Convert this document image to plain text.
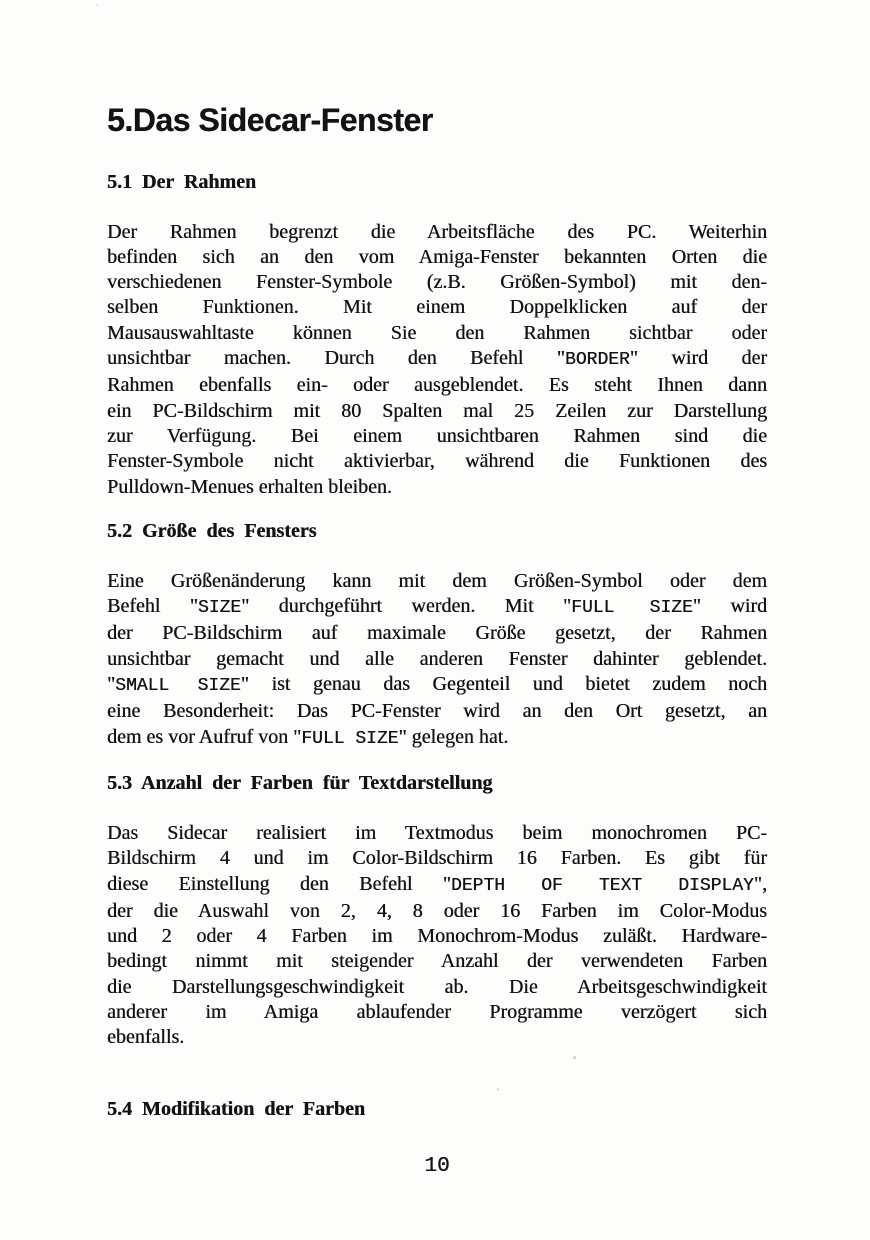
5.Das Sidecar-Fenster
5.1 Der Rahmen
Der Rahmen begrenzt die Arbeitsfläche des PC. Weiterhin
befinden sich an den vom Amiga-Fenster bekannten Orten die
verschiedenen Fenster-Symbole (z.B. Größen-Symbol) mit den-
selben Funktionen. Mit einem Doppelklicken auf der
Mausauswahltaste können Sie den Rahmen sichtbar oder
unsichtbar machen. Durch den Befehl "BORDER" wird der
Rahmen ebenfalls ein- oder ausgeblendet. Es steht Ihnen dann
ein PC-Bildschirm mit 80 Spalten mal 25 Zeilen zur Darstellung
zur Verfügung. Bei einem unsichtbaren Rahmen sind die
Fenster-Symbole nicht aktivierbar, während die Funktionen des
Pulldown-Menues erhalten bleiben.
5.2 Größe des Fensters
Eine Größenänderung kann mit dem Größen-Symbol oder dem
Befehl "SIZE" durchgeführt werden. Mit "FULL SIZE" wird
der PC-Bildschirm auf maximale Größe gesetzt, der Rahmen
unsichtbar gemacht und alle anderen Fenster dahinter geblendet.
"SMALL SIZE" ist genau das Gegenteil und bietet zudem noch
eine Besonderheit: Das PC-Fenster wird an den Ort gesetzt, an
dem es vor Aufruf von "FULL SIZE" gelegen hat.
5.3 Anzahl der Farben für Textdarstellung
Das Sidecar realisiert im Textmodus beim monochromen PC-
Bildschirm 4 und im Color-Bildschirm 16 Farben. Es gibt für
diese Einstellung den Befehl "DEPTH OF TEXT DISPLAY",
der die Auswahl von 2, 4, 8 oder 16 Farben im Color-Modus
und 2 oder 4 Farben im Monochrom-Modus zuläßt. Hardware-
bedingt nimmt mit steigender Anzahl der verwendeten Farben
die Darstellungsgeschwindigkeit ab. Die Arbeitsgeschwindigkeit
anderer im Amiga ablaufender Programme verzögert sich
ebenfalls.
5.4 Modifikation der Farben
10
